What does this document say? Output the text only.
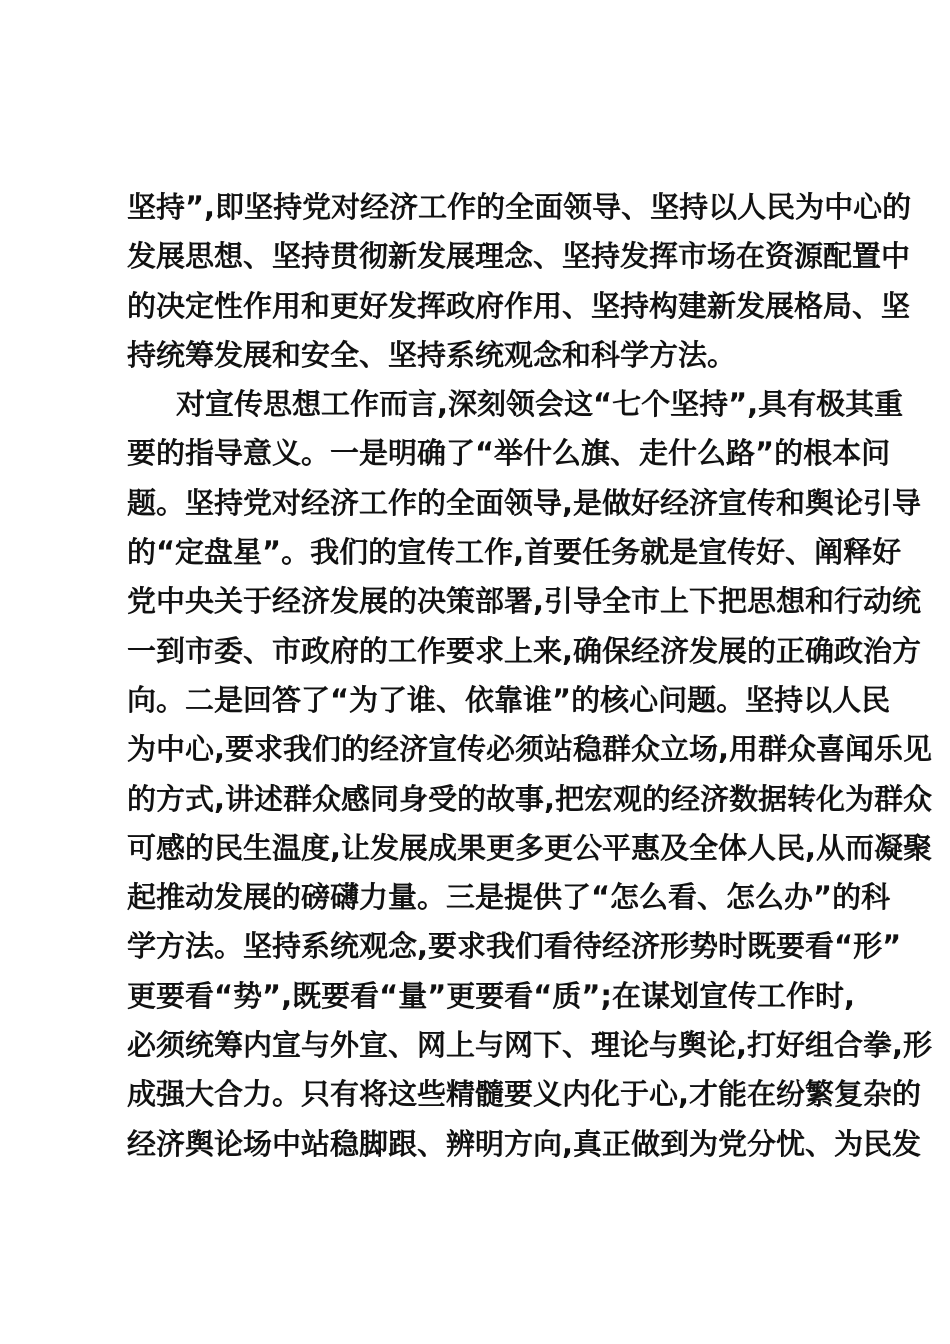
坚持”,即坚持党对经济工作的全面领导、坚持以人民为中心的
发展思想、坚持贯彻新发展理念、坚持发挥市场在资源配置中
的决定性作用和更好发挥政府作用、坚持构建新发展格局、坚
持统筹发展和安全、坚持系统观念和科学方法。
对宣传思想工作而言,深刻领会这“七个坚持”,具有极其重
要的指导意义。一是明确了“举什么旗、走什么路”的根本问
题。坚持党对经济工作的全面领导,是做好经济宣传和舆论引导
的“定盘星”。我们的宣传工作,首要任务就是宣传好、阐释好
党中央关于经济发展的决策部署,引导全市上下把思想和行动统
一到市委、市政府的工作要求上来,确保经济发展的正确政治方
向。二是回答了“为了谁、依靠谁”的核心问题。坚持以人民
为中心,要求我们的经济宣传必须站稳群众立场,用群众喜闻乐见
的方式,讲述群众感同身受的故事,把宏观的经济数据转化为群众
可感的民生温度,让发展成果更多更公平惠及全体人民,从而凝聚
起推动发展的磅礴力量。三是提供了“怎么看、怎么办”的科
学方法。坚持系统观念,要求我们看待经济形势时既要看“形”
更要看“势”,既要看“量”更要看“质”;在谋划宣传工作时,
必须统筹内宣与外宣、网上与网下、理论与舆论,打好组合拳,形
成强大合力。只有将这些精髓要义内化于心,才能在纷繁复杂的
经济舆论场中站稳脚跟、辨明方向,真正做到为党分忧、为民发
